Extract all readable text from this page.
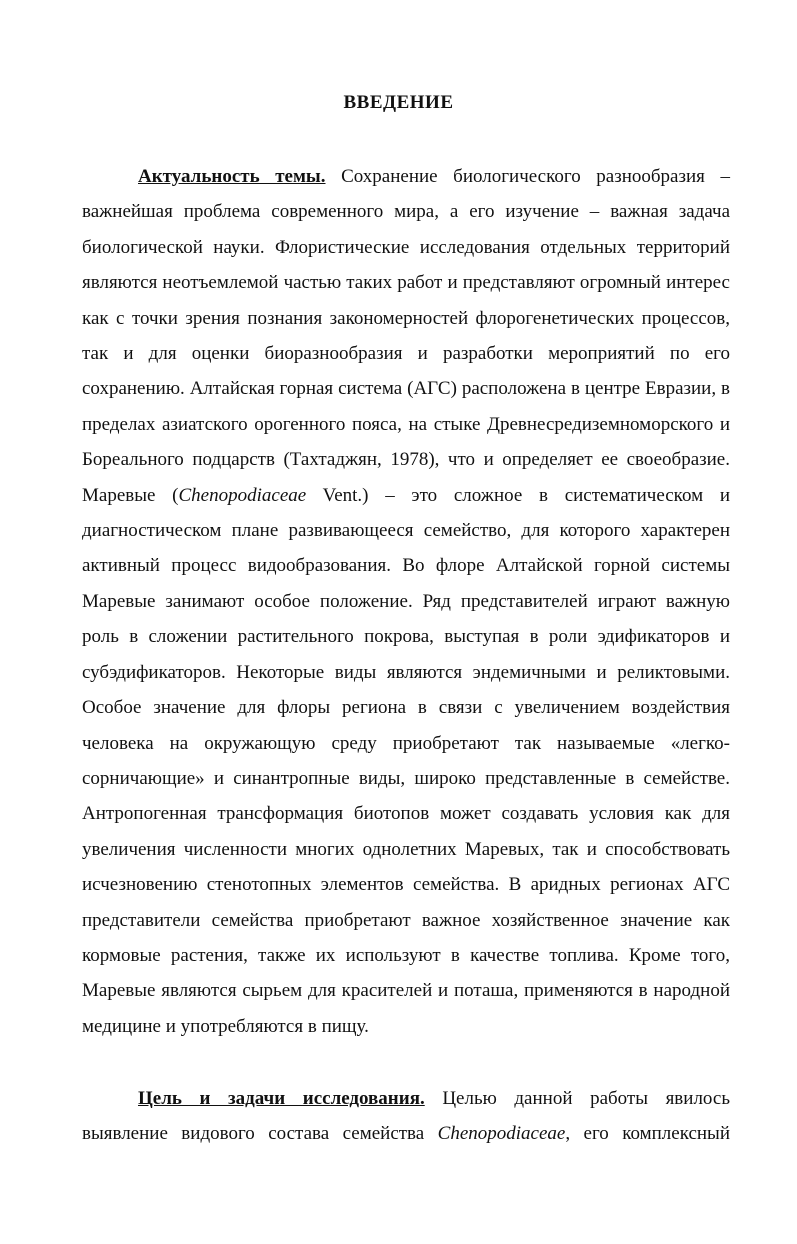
ВВЕДЕНИЕ

Актуальность темы. Сохранение биологического разнообразия – важнейшая проблема современного мира, а его изучение – важная задача биологической науки. Флористические исследования отдельных территорий являются неотъемлемой частью таких работ и представляют огромный интерес как с точки зрения познания закономерностей флорогенетических процессов, так и для оценки биоразнообразия и разработки мероприятий по его сохранению. Алтайская горная система (АГС) расположена в центре Евразии, в пределах азиатского орогенного пояса, на стыке Древнесредиземноморского и Бореального подцарств (Тахтаджян, 1978), что и определяет ее своеобразие. Маревые (Chenopodiaceae Vent.) – это сложное в систематическом и диагностическом плане развивающееся семейство, для которого характерен активный процесс видообразования. Во флоре Алтайской горной системы Маревые занимают особое положение. Ряд представителей играют важную роль в сложении растительного покрова, выступая в роли эдификаторов и субэдификаторов. Некоторые виды являются эндемичными и реликтовыми. Особое значение для флоры региона в связи с увеличением воздействия человека на окружающую среду приобретают так называемые «легко-сорничающие» и синантропные виды, широко представленные в семействе. Антропогенная трансформация биотопов может создавать условия как для увеличения численности многих однолетних Маревых, так и способствовать исчезновению стенотопных элементов семейства. В аридных регионах АГС представители семейства приобретают важное хозяйственное значение как кормовые растения, также их используют в качестве топлива. Кроме того, Маревые являются сырьем для красителей и поташа, применяются в народной медицине и употребляются в пищу.

Цель и задачи исследования. Целью данной работы явилось выявление видового состава семейства Chenopodiaceae, его комплексный
